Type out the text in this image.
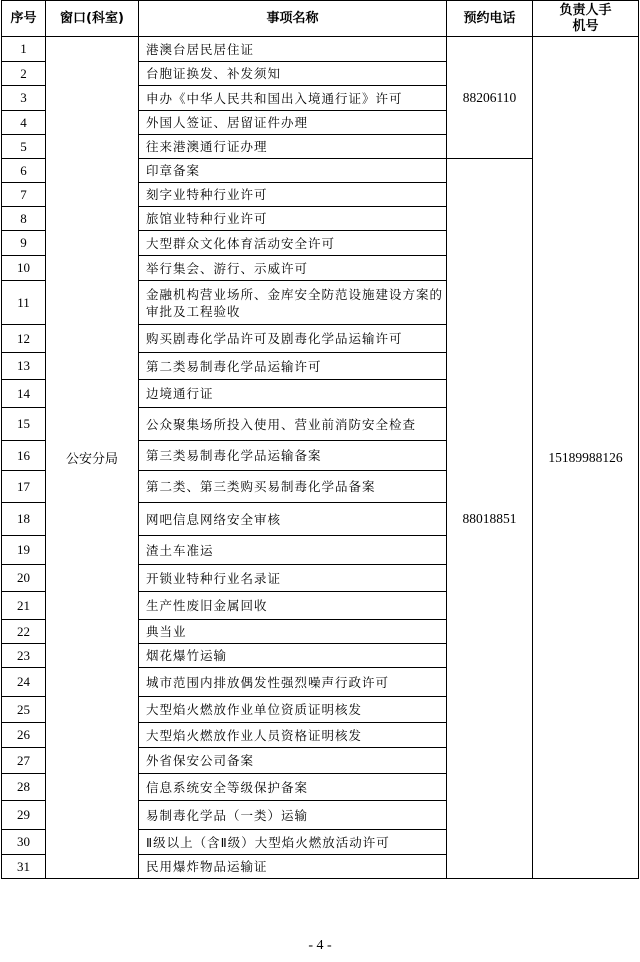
序号	窗口(科室)	事项名称	预约电话	负责人手机号
1	公安分局	港澳台居民居住证	88206110	15189988126
2		台胞证换发、补发须知		
3		申办《中华人民共和国出入境通行证》许可		
4		外国人签证、居留证件办理		
5		往来港澳通行证办理		
6		印章备案	88018851	
7		刻字业特种行业许可		
8		旅馆业特种行业许可		
9		大型群众文化体育活动安全许可		
10		举行集会、游行、示威许可		
11		金融机构营业场所、金库安全防范设施建设方案的审批及工程验收		
12		购买剧毒化学品许可及剧毒化学品运输许可		
13		第二类易制毒化学品运输许可		
14		边境通行证		
15		公众聚集场所投入使用、营业前消防安全检查		
16		第三类易制毒化学品运输备案		
17		第二类、第三类购买易制毒化学品备案		
18		网吧信息网络安全审核		
19		渣土车准运		
20		开锁业特种行业名录证		
21		生产性废旧金属回收		
22		典当业		
23		烟花爆竹运输		
24		城市范围内排放偶发性强烈噪声行政许可		
25		大型焰火燃放作业单位资质证明核发		
26		大型焰火燃放作业人员资格证明核发		
27		外省保安公司备案		
28		信息系统安全等级保护备案		
29		易制毒化学品（一类）运输		
30		Ⅱ级以上（含Ⅱ级）大型焰火燃放活动许可		
31		民用爆炸物品运输证		
- 4 -
